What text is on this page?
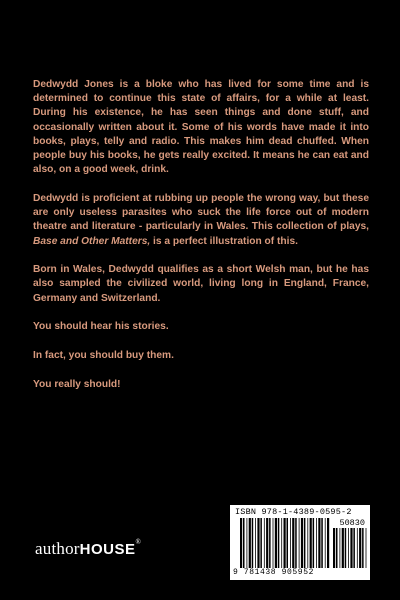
Dedwydd Jones is a bloke who has lived for some time and is determined to continue this state of affairs, for a while at least. During his existence, he has seen things and done stuff, and occasionally written about it. Some of his words have made it into books, plays, telly and radio. This makes him dead chuffed. When people buy his books, he gets really excited. It means he can eat and also, on a good week, drink.

Dedwydd is proficient at rubbing up people the wrong way, but these are only useless parasites who suck the life force out of modern theatre and literature - particularly in Wales. This collection of plays, Base and Other Matters, is a perfect illustration of this.

Born in Wales, Dedwydd qualifies as a short Welsh man, but he has also sampled the civilized world, living long in England, France, Germany and Switzerland.

You should hear his stories.

In fact, you should buy them.

You really should!

authorHOUSE®
ISBN 978-1-4389-0595-2
50830
9 781438 905952
